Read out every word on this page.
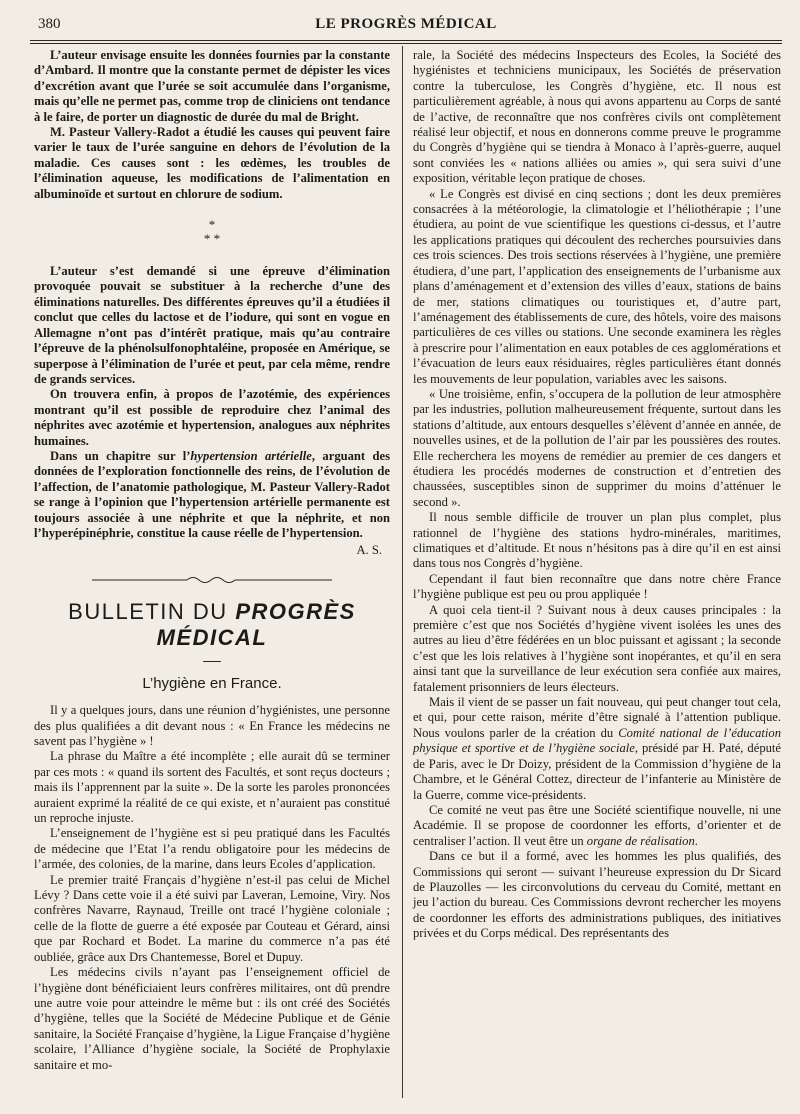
380	LE PROGRÈS MÉDICAL

L’auteur envisage ensuite les données fournies par la constante d’Ambard. Il montre que la constante permet de dépister les vices d’excrétion avant que l’urée se soit accumulée dans l’organisme, mais qu’elle ne permet pas, comme trop de cliniciens ont tendance à le faire, de porter un diagnostic de durée du mal de Bright.

M. Pasteur Vallery-Radot a étudié les causes qui peuvent faire varier le taux de l’urée sanguine en dehors de l’évolution de la maladie. Ces causes sont : les œdèmes, les troubles de l’élimination aqueuse, les modifications de l’alimentation en albuminoïde et surtout en chlorure de sodium.

*
* *

L’auteur s’est demandé si une épreuve d’élimination provoquée pouvait se substituer à la recherche d’une des éliminations naturelles. Des différentes épreuves qu’il a étudiées il conclut que celles du lactose et de l’iodure, qui sont en vogue en Allemagne n’ont pas d’intérêt pratique, mais qu’au contraire l’épreuve de la phénolsulfonophtaléine, proposée en Amérique, se superpose à l’élimination de l’urée et peut, par cela même, rendre de grands services.

On trouvera enfin, à propos de l’azotémie, des expériences montrant qu’il est possible de reproduire chez l’animal des néphrites avec azotémie et hypertension, analogues aux néphrites humaines.

Dans un chapitre sur l’hypertension artérielle, arguant des données de l’exploration fonctionnelle des reins, de l’évolution de l’affection, de l’anatomie pathologique, M. Pasteur Vallery-Radot se range à l’opinion que l’hypertension artérielle permanente est toujours associée à une néphrite et que la néphrite, et non l’hyperépinéphrie, constitue la cause réelle de l’hypertension.

A. S.
BULLETIN DU PROGRÈS MÉDICAL
L’hygiène en France.

Il y a quelques jours, dans une réunion d’hygiénistes, une personne des plus qualifiées a dit devant nous : « En France les médecins ne savent pas l’hygiène » !

La phrase du Maître a été incomplète ; elle aurait dû se terminer par ces mots : « quand ils sortent des Facultés, et sont reçus docteurs ; mais ils l’apprennent par la suite ». De la sorte les paroles prononcées auraient exprimé la réalité de ce qui existe, et n’auraient pas constitué un reproche injuste.

L’enseignement de l’hygiène est si peu pratiqué dans les Facultés de médecine que l’Etat l’a rendu obligatoire pour les médecins de l’armée, des colonies, de la marine, dans leurs Ecoles d’application.

Le premier traité Français d’hygiène n’est-il pas celui de Michel Lévy ? Dans cette voie il a été suivi par Laveran, Lemoine, Viry. Nos confrères Navarre, Raynaud, Treille ont tracé l’hygiène coloniale ; celle de la flotte de guerre a été exposée par Couteau et Gérard, ainsi que par Rochard et Bodet. La marine du commerce n’a pas été oubliée, grâce aux Drs Chantemesse, Borel et Dupuy.

Les médecins civils n’ayant pas l’enseignement officiel de l’hygiène dont bénéficiaient leurs confrères militaires, ont dû prendre une autre voie pour atteindre le même but : ils ont créé des Sociétés d’hygiène, telles que la Société de Médecine Publique et de Génie sanitaire, la Société Française d’hygiène, la Ligue Française d’hygiène scolaire, l’Alliance d’hygiène sociale, la Société de Prophylaxie sanitaire et mo-

rale, la Société des médecins Inspecteurs des Ecoles, la Société des hygiénistes et techniciens municipaux, les Sociétés de préservation contre la tuberculose, les Congrès d’hygiène, etc. Il nous est particulièrement agréable, à nous qui avons appartenu au Corps de santé de l’active, de reconnaître que nos confrères civils ont complètement réalisé leur objectif, et nous en donnerons comme preuve le programme du Congrès d’hygiène qui se tiendra à Monaco à l’après-guerre, auquel sont conviées les « nations alliées ou amies », qui sera suivi d’une exposition, véritable leçon pratique de choses.

« Le Congrès est divisé en cinq sections ; dont les deux premières consacrées à la météorologie, la climatologie et l’héliothérapie ; l’une étudiera, au point de vue scientifique les questions ci-dessus, et l’autre les applications pratiques qui découlent des recherches poursuivies dans ces trois sciences. Des trois sections réservées à l’hygiène, une première étudiera, d’une part, l’application des enseignements de l’urbanisme aux plans d’aménagement et d’extension des villes d’eaux, stations de bains de mer, stations climatiques ou touristiques et, d’autre part, l’aménagement des établissements de cure, des hôtels, voire des maisons particulières de ces villes ou stations. Une seconde examinera les règles à prescrire pour l’alimentation en eaux potables de ces agglomérations et l’évacuation de leurs eaux résiduaires, règles particulières étant donnés les mouvements de leur population, variables avec les saisons.

« Une troisième, enfin, s’occupera de la pollution de leur atmosphère par les industries, pollution malheureusement fréquente, surtout dans les stations d’altitude, aux entours desquelles s’élèvent d’année en année, de nouvelles usines, et de la pollution de l’air par les poussières des routes. Elle recherchera les moyens de remédier au premier de ces dangers et étudiera les procédés modernes de construction et d’entretien des chaussées, susceptibles sinon de supprimer du moins d’atténuer le second ».

Il nous semble difficile de trouver un plan plus complet, plus rationnel de l’hygiène des stations hydro-minérales, maritimes, climatiques et d’altitude. Et nous n’hésitons pas à dire qu’il en est ainsi dans tous nos Congrès d’hygiène.

Cependant il faut bien reconnaître que dans notre chère France l’hygiène publique est peu ou prou appliquée !

A quoi cela tient-il ? Suivant nous à deux causes principales : la première c’est que nos Sociétés d’hygiène vivent isolées les unes des autres au lieu d’être fédérées en un bloc puissant et agissant ; la seconde c’est que les lois relatives à l’hygiène sont inopérantes, et qu’il en sera ainsi tant que la surveillance de leur exécution sera confiée aux maires, fatalement prisonniers de leurs électeurs.

Mais il vient de se passer un fait nouveau, qui peut changer tout cela, et qui, pour cette raison, mérite d’être signalé à l’attention publique. Nous voulons parler de la création du Comité national de l’éducation physique et sportive et de l’hygiène sociale, présidé par H. Paté, député de Paris, avec le Dr Doizy, président de la Commission d’hygiène de la Chambre, et le Général Cottez, directeur de l’infanterie au Ministère de la Guerre, comme vice-présidents.

Ce comité ne veut pas être une Société scientifique nouvelle, ni une Académie. Il se propose de coordonner les efforts, d’orienter et de centraliser l’action. Il veut être un organe de réalisation.

Dans ce but il a formé, avec les hommes les plus qualifiés, des Commissions qui seront — suivant l’heureuse expression du Dr Sicard de Plauzolles — les circonvolutions du cerveau du Comité, mettant en jeu l’action du bureau. Ces Commissions devront rechercher les moyens de coordonner les efforts des administrations publiques, des initiatives privées et du Corps médical. Des représentants des
